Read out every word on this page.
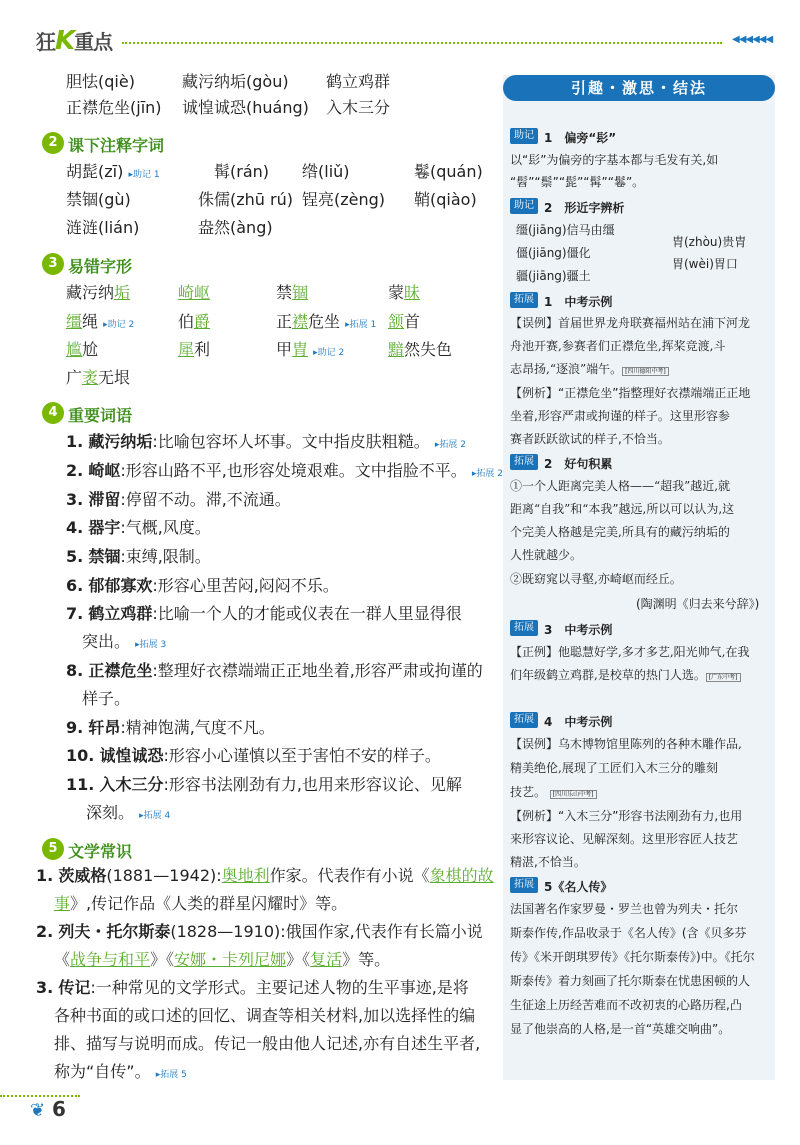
狂K重点	◀◀◀◀◀◀
胆怯(qiè)	藏污纳垢(gòu) 鹤立鸡群
正襟危坐(jīn) 诚惶诚恐(huáng) 入木三分
2 课下注释字词
胡髭(zī) ▸助记 1	髯(rán) 绺(liǔ)	鬈(quán)
禁锢(gù)	侏儒(zhū rú) 锃亮(zèng) 鞘(qiào)
涟涟(lián)	盎然(àng)
3 易错字形
藏污纳垢	崎岖	禁锢	蒙昧
缰绳 ▸助记 2	伯爵	正襟危坐 ▸拓展 1 颔首
尴尬	犀利	甲胄 ▸助记 2	黯然失色
广袤无垠
4 重要词语
1. 藏污纳垢:比喻包容坏人坏事。文中指皮肤粗糙。 ▸拓展 2
2. 崎岖:形容山路不平,也形容处境艰难。文中指脸不平。 ▸拓展 2
3. 滞留:停留不动。滞,不流通。
4. 器宇:气概,风度。
5. 禁锢:束缚,限制。
6. 郁郁寡欢:形容心里苦闷,闷闷不乐。
7. 鹤立鸡群:比喻一个人的才能或仪表在一群人里显得很
突出。 ▸拓展 3
8. 正襟危坐:整理好衣襟端端正正地坐着,形容严肃或拘谨的
样子。
9. 轩昂:精神饱满,气度不凡。
10. 诚惶诚恐:形容小心谨慎以至于害怕不安的样子。
11. 入木三分:形容书法刚劲有力,也用来形容议论、见解
深刻。 ▸拓展 4
5 文学常识
1. 茨威格(1881—1942):奥地利作家。代表作有小说《象棋的故
事》,传记作品《人类的群星闪耀时》等。
2. 列夫・托尔斯泰(1828—1910):俄国作家,代表作有长篇小说
《战争与和平》《安娜・卡列尼娜》《复活》等。
3. 传记:一种常见的文学形式。主要记述人物的生平事迹,是将
各种书面的或口述的回忆、调查等相关材料,加以选择性的编
排、描写与说明而成。传记一般由他人记述,亦有自述生平者,
称为“自传”。 ▸拓展 5
引趣・激思・结法
助记 1　 偏旁“髟”
以“髟”为偏旁的字基本都与毛发有关,如
“髫”“鬃”“髭”“髯”“鬈”。
助记 2　 形近字辨析
缰(jiāng)信马由缰
僵(jiāng)僵化
疆(jiāng)疆土
胄(zhòu)贵胄
胃(wèi)胃口
拓展 1　 中考示例
【误例】首届世界龙舟联赛福州站在浦下河龙
舟池开赛,参赛者们正襟危坐,挥桨竞渡,斗
志昂扬,“逐浪”端午。 [四川德阳中考]
【例析】“正襟危坐”指整理好衣襟端端正正地
坐着,形容严肃或拘谨的样子。这里形容参
赛者跃跃欲试的样子,不恰当。
拓展 2　 好句积累
①一个人距离完美人格——“超我”越近,就
距离“自我”和“本我”越远,所以可以认为,这
个完美人格越是完美,所具有的藏污纳垢的
人性就越少。
②既窈窕以寻壑,亦崎岖而经丘。
(陶渊明《归去来兮辞》)
拓展 3　 中考示例
【正例】他聪慧好学,多才多艺,阳光帅气,在我
们年级鹤立鸡群,是校草的热门人选。 [广东中考]
拓展 4　 中考示例
【误例】乌木博物馆里陈列的各种木雕作品,
精美绝伦,展现了工匠们入木三分的雕刻
技艺。 [四川乐山中考]
【例析】“入木三分”形容书法刚劲有力,也用
来形容议论、见解深刻。这里形容匠人技艺
精湛,不恰当。
拓展 5《名人传》
法国著名作家罗曼・罗兰也曾为列夫・托尔
斯泰作传,作品收录于《名人传》(含《贝多芬
传》《米开朗琪罗传》《托尔斯泰传》)中。《托尔
斯泰传》着力刻画了托尔斯泰在忧患困顿的人
生征途上历经苦难而不改初衷的心路历程,凸
显了他崇高的人格,是一首“英雄交响曲”。
❦ 6
